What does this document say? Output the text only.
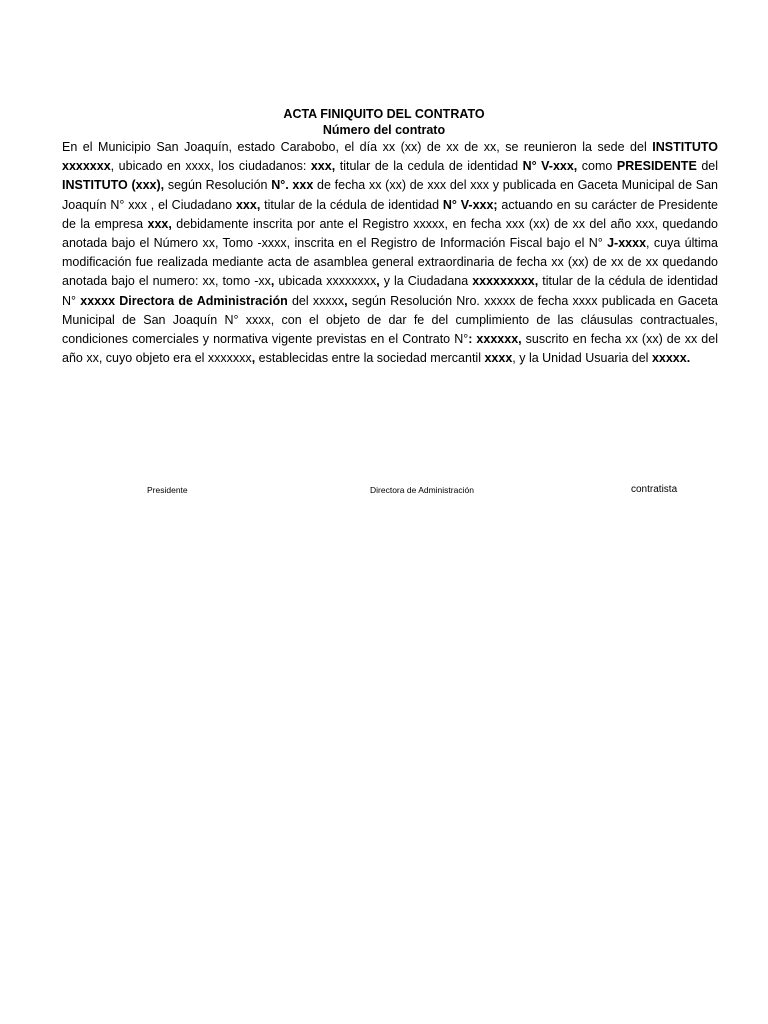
ACTA FINIQUITO DEL CONTRATO
Número del contrato

En el Municipio San Joaquín, estado Carabobo, el día xx (xx) de xx de xx, se reunieron la sede del INSTITUTO xxxxxxx, ubicado en xxxx, los ciudadanos: xxx, titular de la cedula de identidad N° V-xxx, como PRESIDENTE del INSTITUTO (xxx), según Resolución N°. xxx de fecha xx (xx) de xxx del xxx y publicada en Gaceta Municipal de San Joaquín N° xxx , el Ciudadano xxx, titular de la cédula de identidad N° V-xxx; actuando en su carácter de Presidente de la empresa xxx, debidamente inscrita por ante el Registro xxxxx, en fecha xxx (xx) de xx del año xxx, quedando anotada bajo el Número xx, Tomo -xxxx, inscrita en el Registro de Información Fiscal bajo el N° J-xxxx, cuya última modificación fue realizada mediante acta de asamblea general extraordinaria de fecha xx (xx) de xx de xx quedando anotada bajo el numero: xx, tomo -xx, ubicada xxxxxxxx, y la Ciudadana xxxxxxxxx, titular de la cédula de identidad N° xxxxx Directora de Administración del xxxxx, según Resolución Nro. xxxxx de fecha xxxx publicada en Gaceta Municipal de San Joaquín N° xxxx, con el objeto de dar fe del cumplimiento de las cláusulas contractuales, condiciones comerciales y normativa vigente previstas en el Contrato N°: xxxxxx, suscrito en fecha xx (xx) de xx del año xx, cuyo objeto era el xxxxxxx, establecidas entre la sociedad mercantil xxxx, y la Unidad Usuaria del xxxxx.

Presidente	Directora de Administración	contratista
